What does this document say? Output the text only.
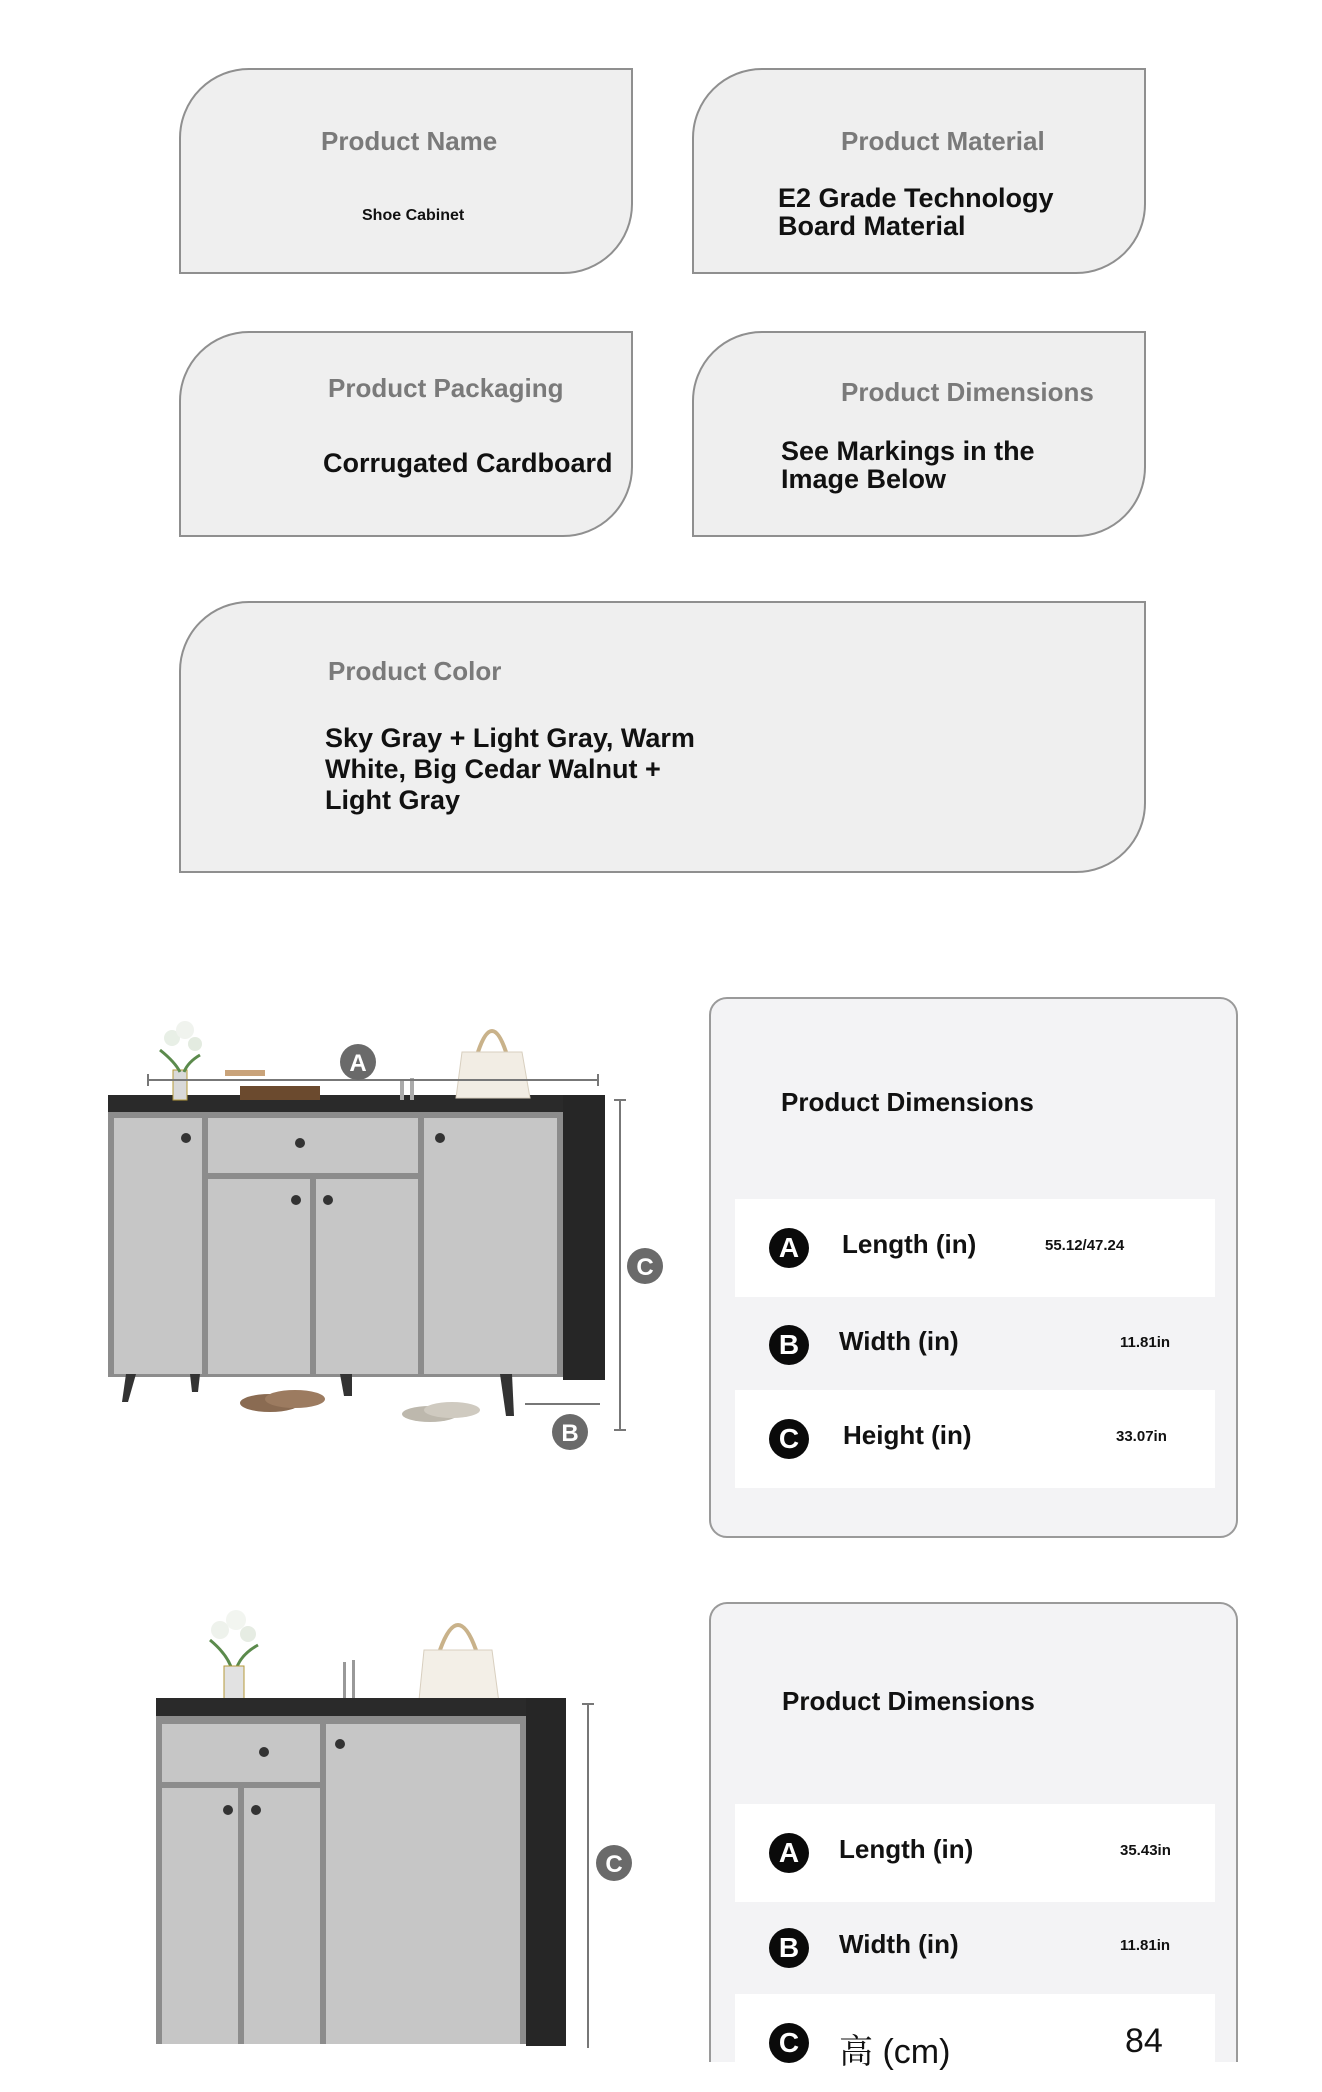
Product Name
Shoe Cabinet
Product Material
E2 Grade Technology Board Material
Product Packaging
Corrugated Cardboard
Product Dimensions
See Markings in the Image Below
Product Color
Sky Gray + Light Gray, Warm White, Big Cedar Walnut + Light Gray
A
C
B
Product Dimensions
A	Length (in)	55.12/47.24
B	Width (in)	11.81in
C	Height (in)	33.07in
C
Product Dimensions
A	Length (in)	35.43in
B	Width (in)	11.81in
C 高 (cm)	84
